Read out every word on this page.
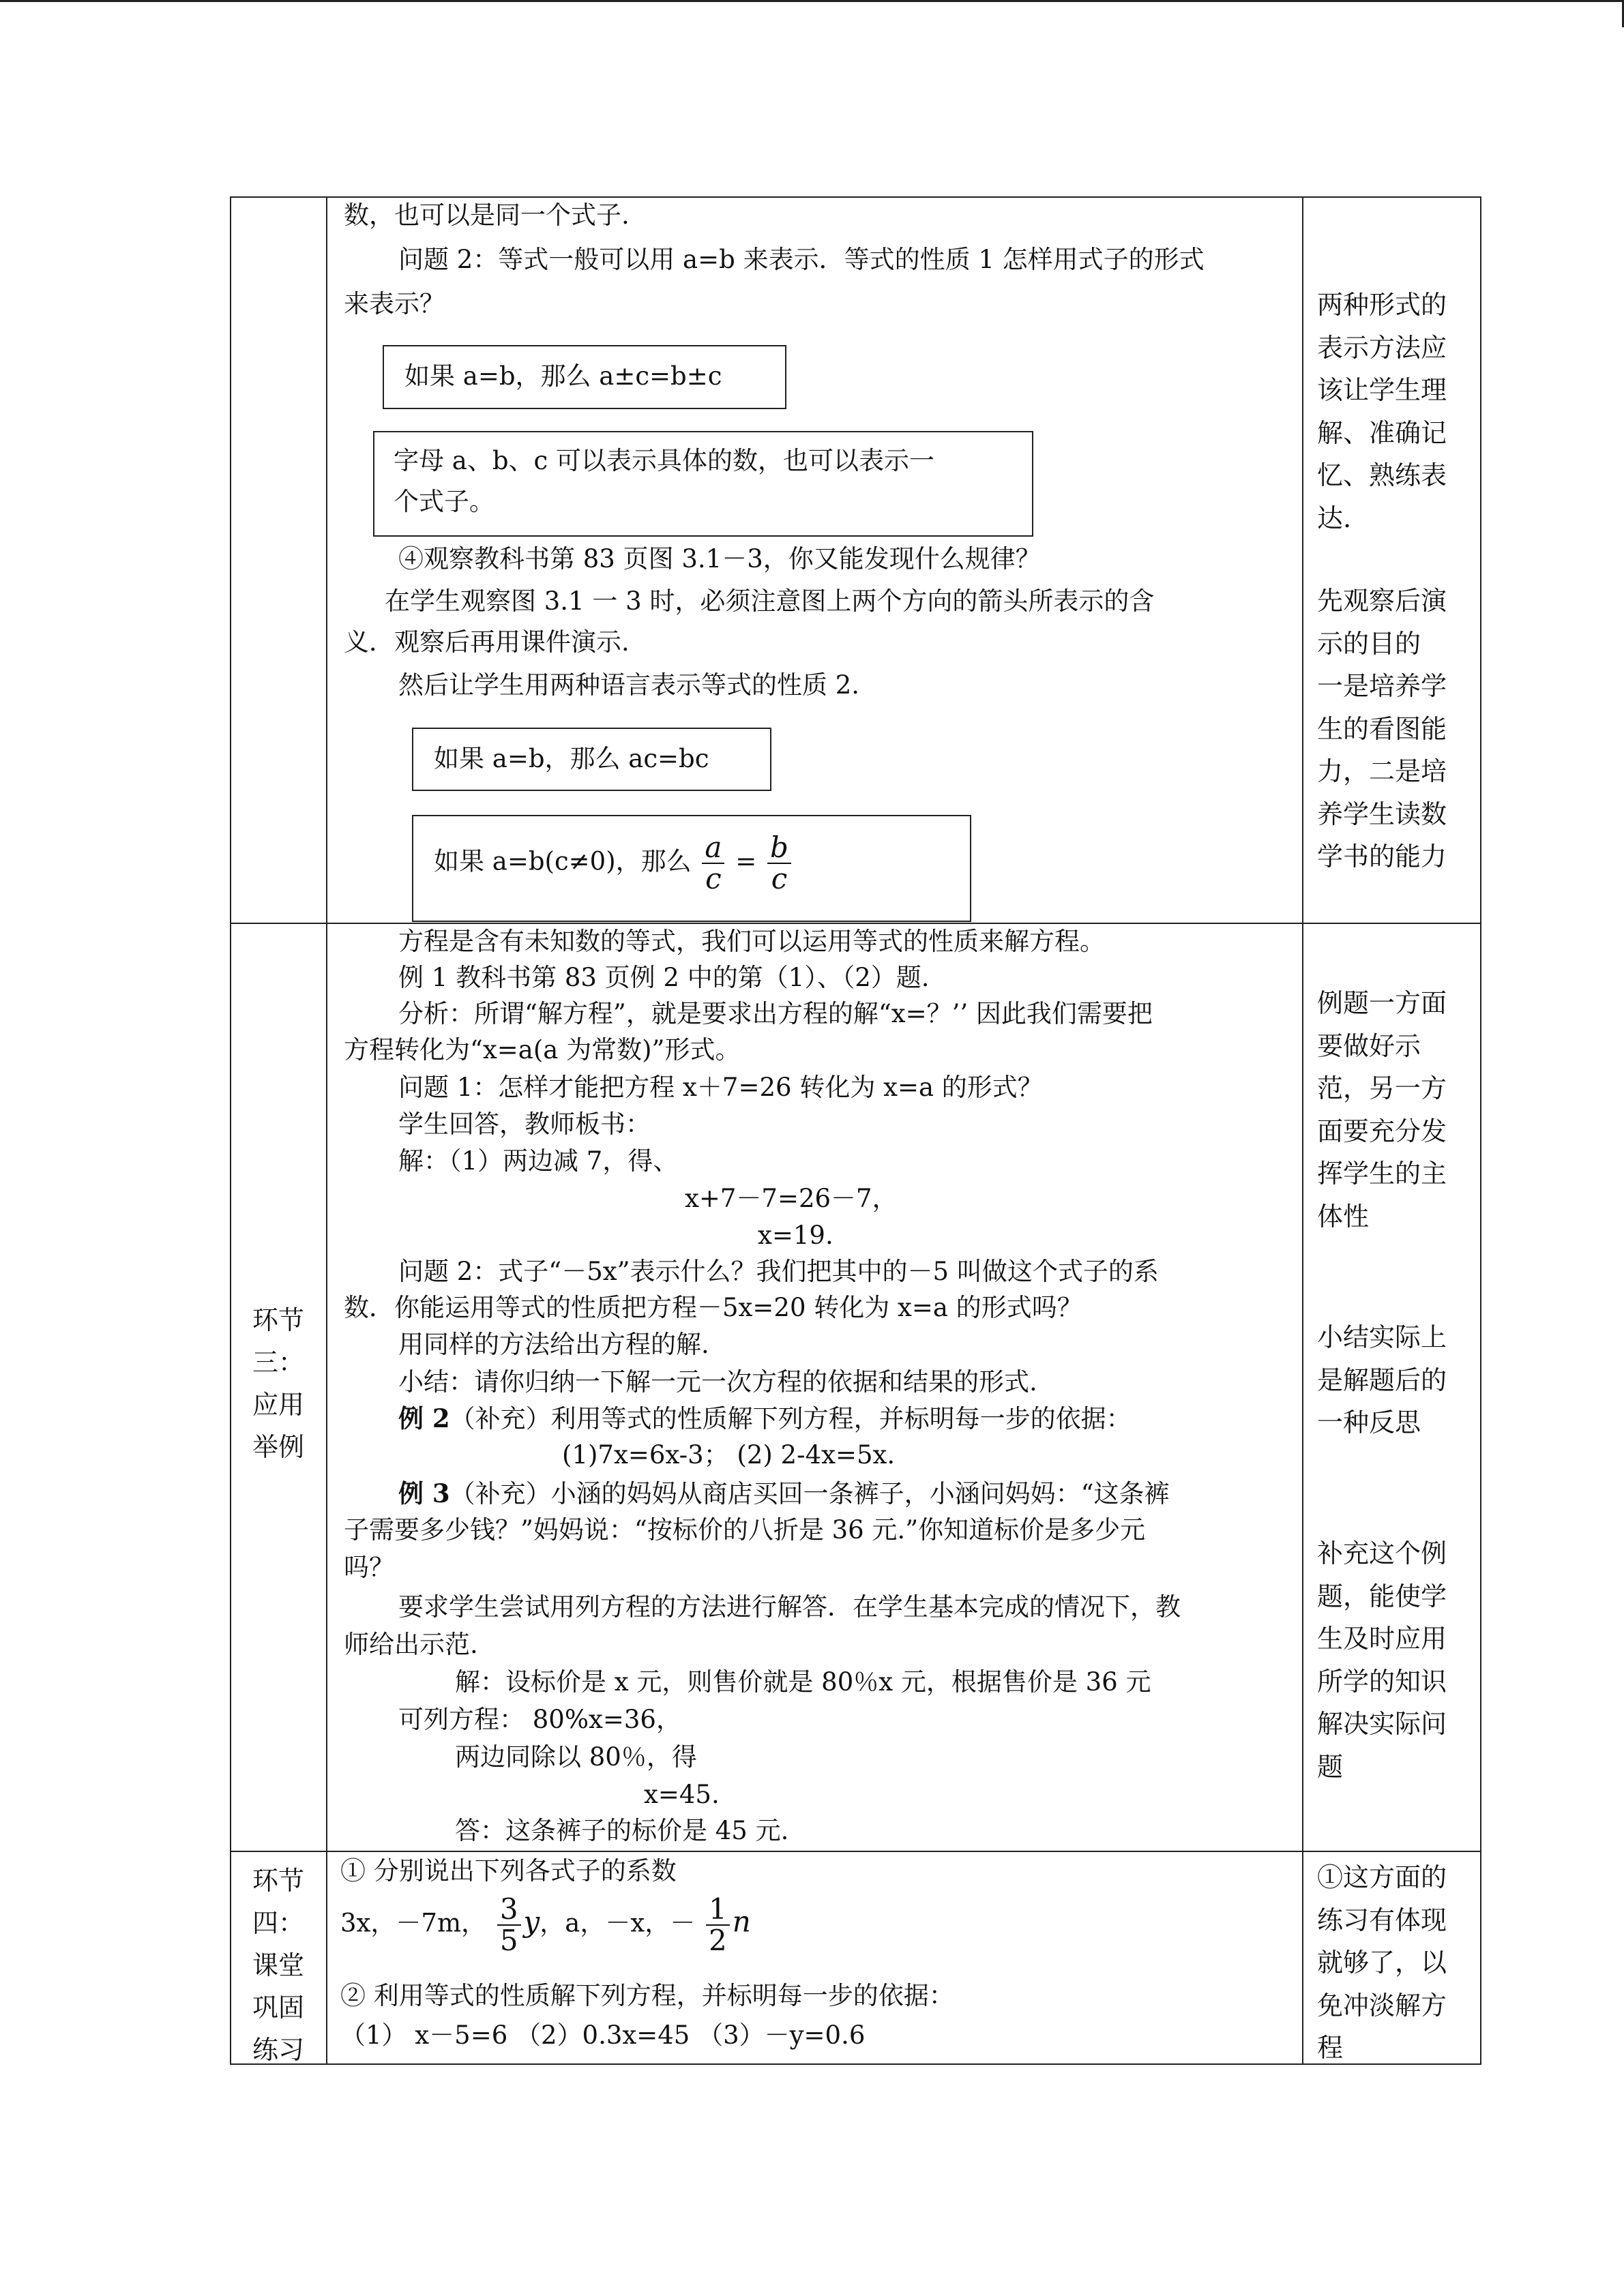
数，也可以是同一个式子.
问题 2：等式一般可以用 a=b 来表示．等式的性质 1 怎样用式子的形式
来表示？
如果 a=b，那么 a±c=b±c
字母 a、b、c 可以表示具体的数，也可以表示一
个式子。
④观察教科书第 83 页图 3.1－3，你又能发现什么规律？
在学生观察图 3.1 一 3 时，必须注意图上两个方向的箭头所表示的含
义．观察后再用课件演示.
然后让学生用两种语言表示等式的性质 2.
如果 a=b，那么 ac=bc
如果 a=b(c≠0)，那么 $\frac{a}{c} = \frac{b}{c}$
两种形式的
表示方法应
该让学生理
解、准确记
忆、熟练表
达.
先观察后演
示的目的
一是培养学
生的看图能
力，二是培
养学生读数
学书的能力
环节
三：
应用
举例
方程是含有未知数的等式，我们可以运用等式的性质来解方程。
例 1 教科书第 83 页例 2 中的第（1）、（2）题.
分析：所谓“解方程”，就是要求出方程的解“x=？’’ 因此我们需要把
方程转化为“x=a(a 为常数)”形式。
问题 1：怎样才能把方程 x＋7=26 转化为 x=a 的形式？
学生回答，教师板书：
解：（1）两边减 7，得、
x+7－7=26－7，
x=19.
问题 2：式子“－5x”表示什么？我们把其中的－5 叫做这个式子的系
数．你能运用等式的性质把方程－5x=20 转化为 x=a 的形式吗？
用同样的方法给出方程的解.
小结：请你归纳一下解一元一次方程的依据和结果的形式.
例 2（补充）利用等式的性质解下列方程，并标明每一步的依据：
(1)7x=6x-3； (2) 2-4x=5x.
例 3（补充）小涵的妈妈从商店买回一条裤子，小涵问妈妈：“这条裤
子需要多少钱？”妈妈说：“按标价的八折是 36 元.”你知道标价是多少元
吗？
要求学生尝试用列方程的方法进行解答．在学生基本完成的情况下，教
师给出示范.
解：设标价是 x 元，则售价就是 80％x 元，根据售价是 36 元
可列方程： 80%x=36，
两边同除以 80％，得
x=45.
答：这条裤子的标价是 45 元.
例题一方面
要做好示
范，另一方
面要充分发
挥学生的主
体性
小结实际上
是解题后的
一种反思
补充这个例
题，能使学
生及时应用
所学的知识
解决实际问
题
环节
四：
课堂
巩固
练习
① 分别说出下列各式子的系数
3x，－7m， $\frac{3}{5}$ y，a，－x，－ $\frac{1}{2}$ n
② 利用等式的性质解下列方程，并标明每一步的依据：
（1） x－5=6 （2）0.3x=45 （3）－y=0.6
①这方面的
练习有体现
就够了，以
免冲淡解方
程
